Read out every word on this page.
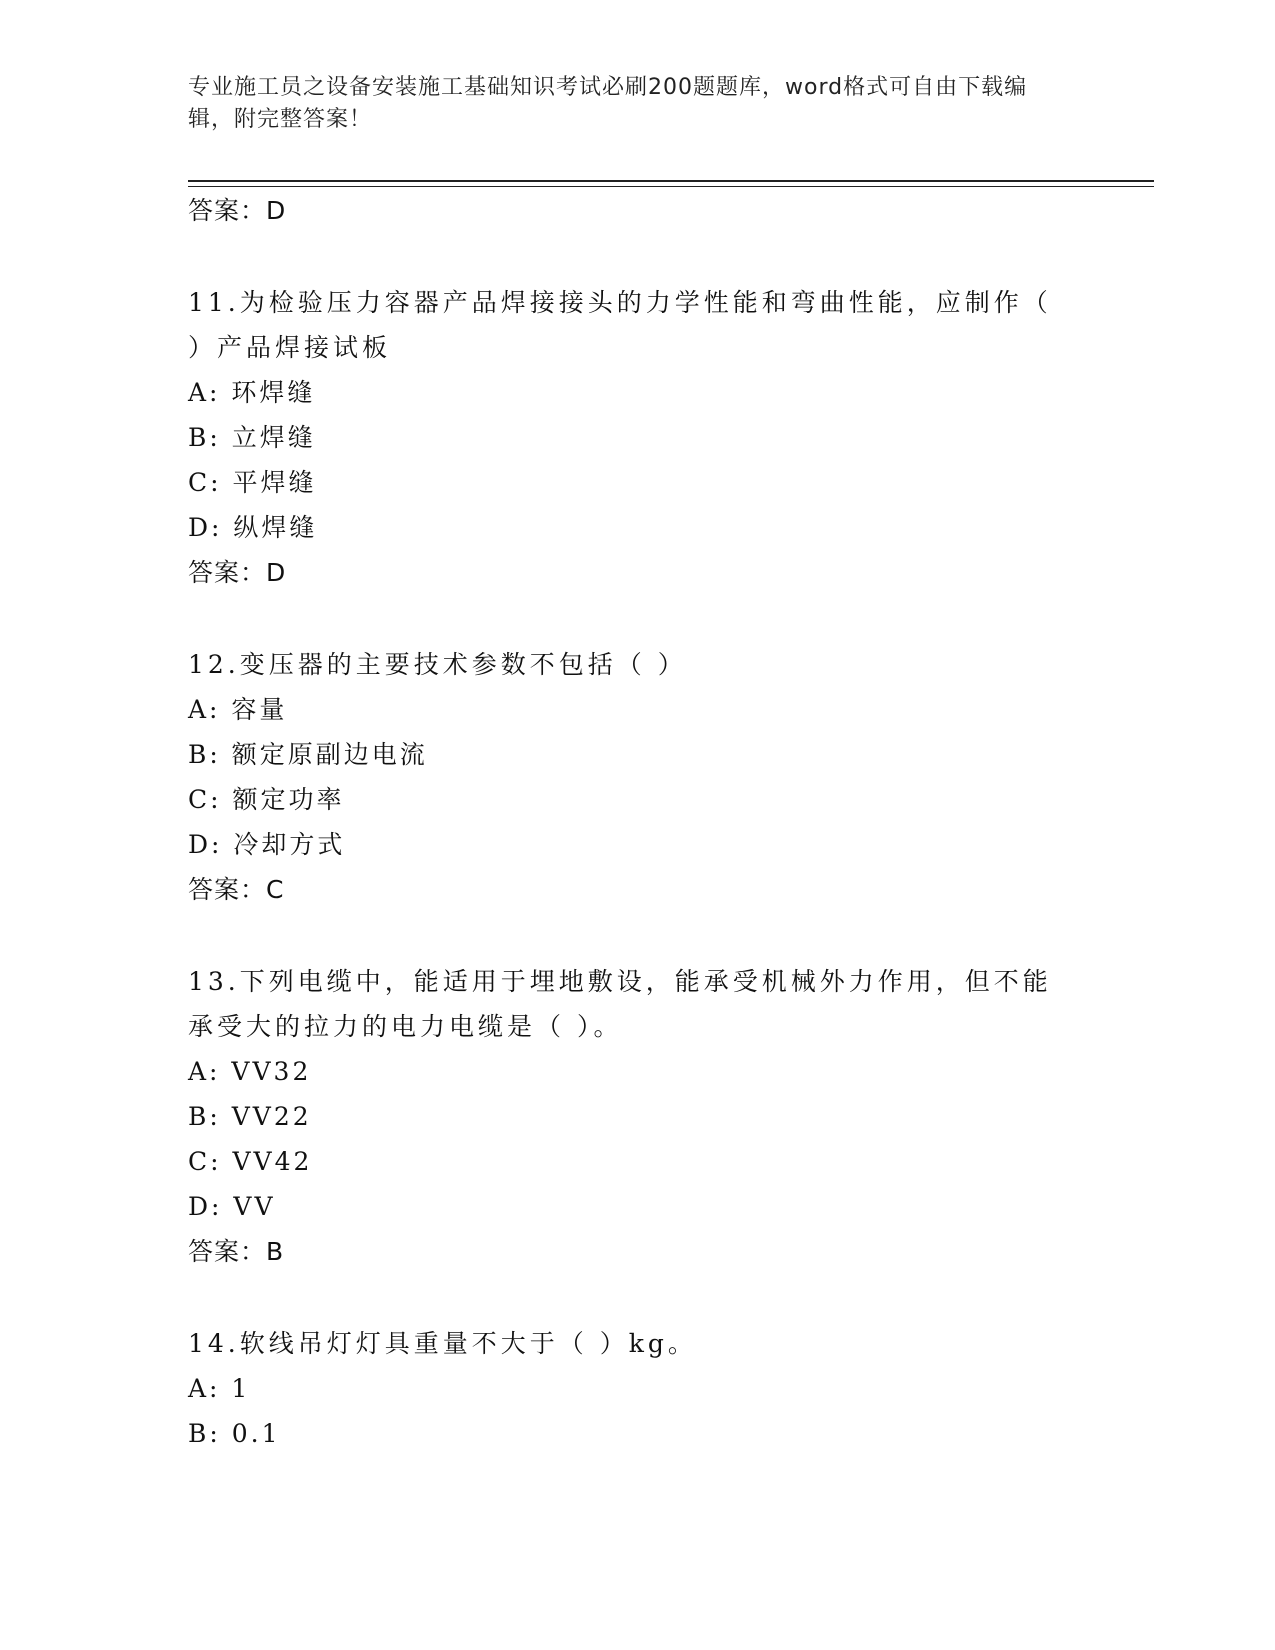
专业施工员之设备安装施工基础知识考试必刷200题题库，word格式可自由下载编辑，附完整答案！
答案：D
11.为检验压力容器产品焊接接头的力学性能和弯曲性能，应制作（ ）产品焊接试板
A: 环焊缝
B: 立焊缝
C: 平焊缝
D: 纵焊缝
答案：D
12.变压器的主要技术参数不包括（ ）
A: 容量
B: 额定原副边电流
C: 额定功率
D: 冷却方式
答案：C
13.下列电缆中，能适用于埋地敷设，能承受机械外力作用，但不能承受大的拉力的电力电缆是（ ）。
A: VV32
B: VV22
C: VV42
D: VV
答案：B
14.软线吊灯灯具重量不大于（ ）kg。
A: 1
B: 0.1
